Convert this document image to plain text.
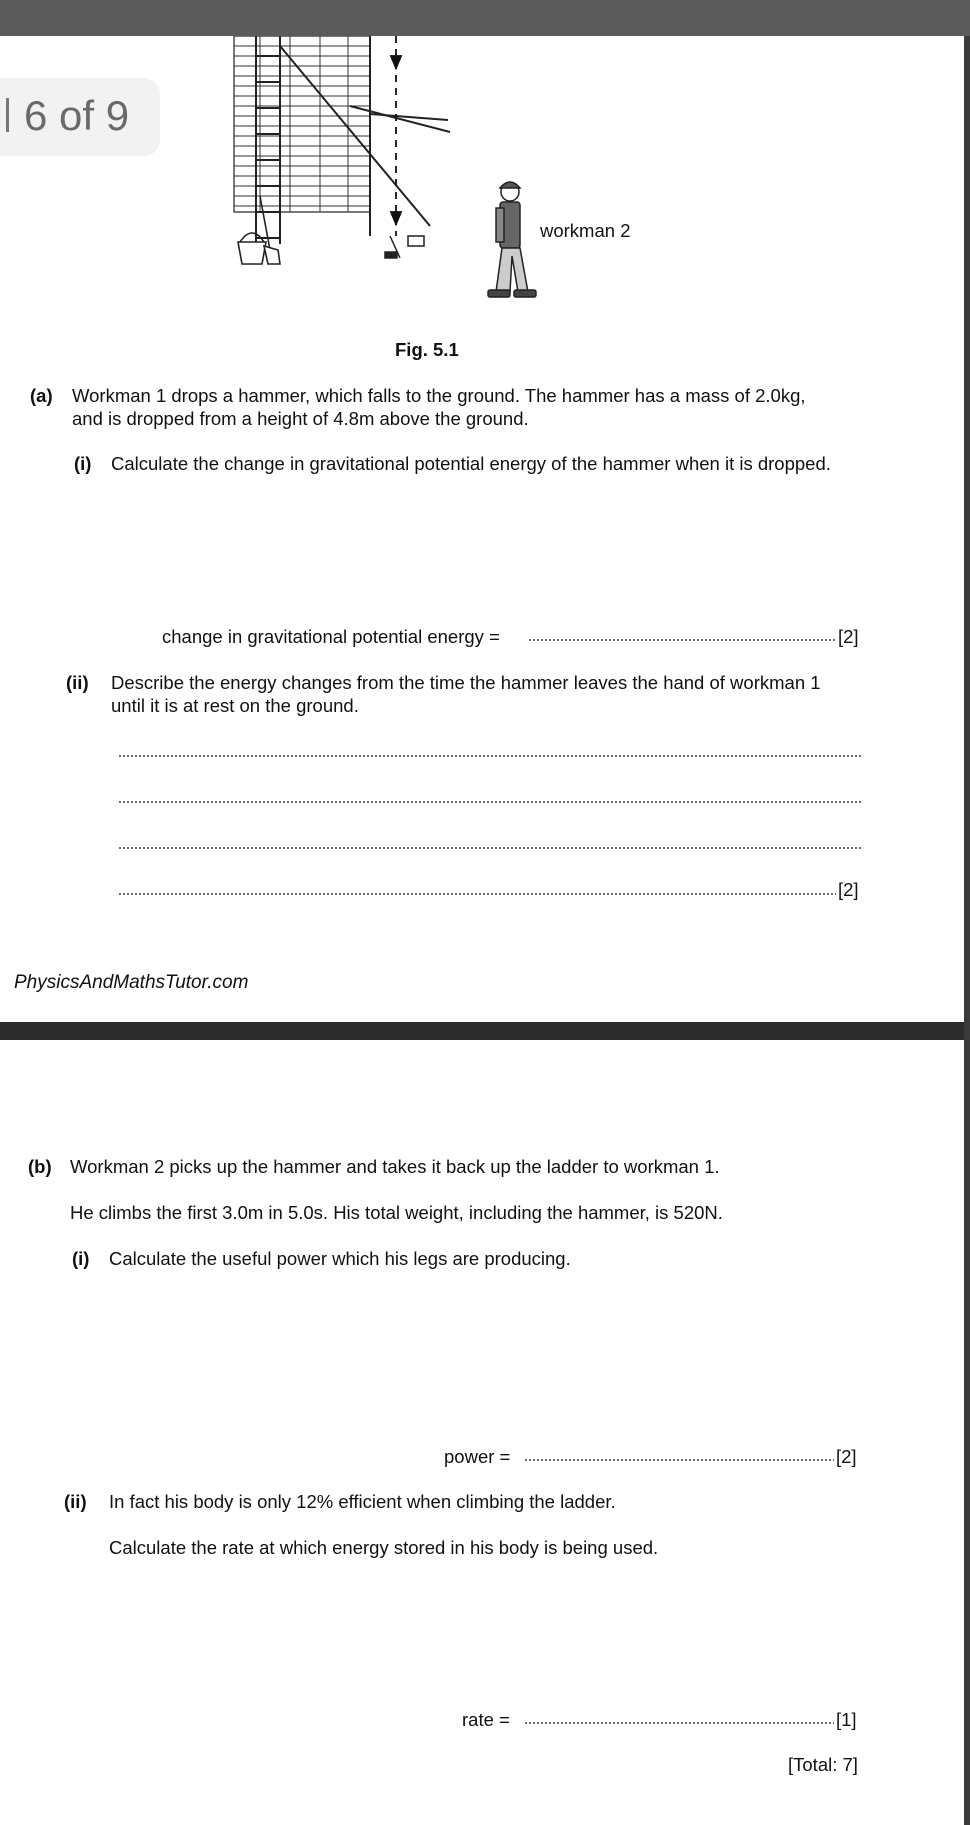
workman 2
Fig. 5.1
6 of 9
(a) Workman 1 drops a hammer, which falls to the ground. The hammer has a mass of 2.0kg,
and is dropped from a height of 4.8m above the ground.
(i) Calculate the change in gravitational potential energy of the hammer when it is dropped.
change in gravitational potential energy =	[2]
(ii) Describe the energy changes from the time the hammer leaves the hand of workman 1
until it is at rest on the ground.
[2]
PhysicsAndMathsTutor.com
(b) Workman 2 picks up the hammer and takes it back up the ladder to workman 1.
He climbs the first 3.0m in 5.0s. His total weight, including the hammer, is 520N.
(i) Calculate the useful power which his legs are producing.
power =	[2]
(ii) In fact his body is only 12% efficient when climbing the ladder.
Calculate the rate at which energy stored in his body is being used.
rate =	[1]
[Total: 7]
